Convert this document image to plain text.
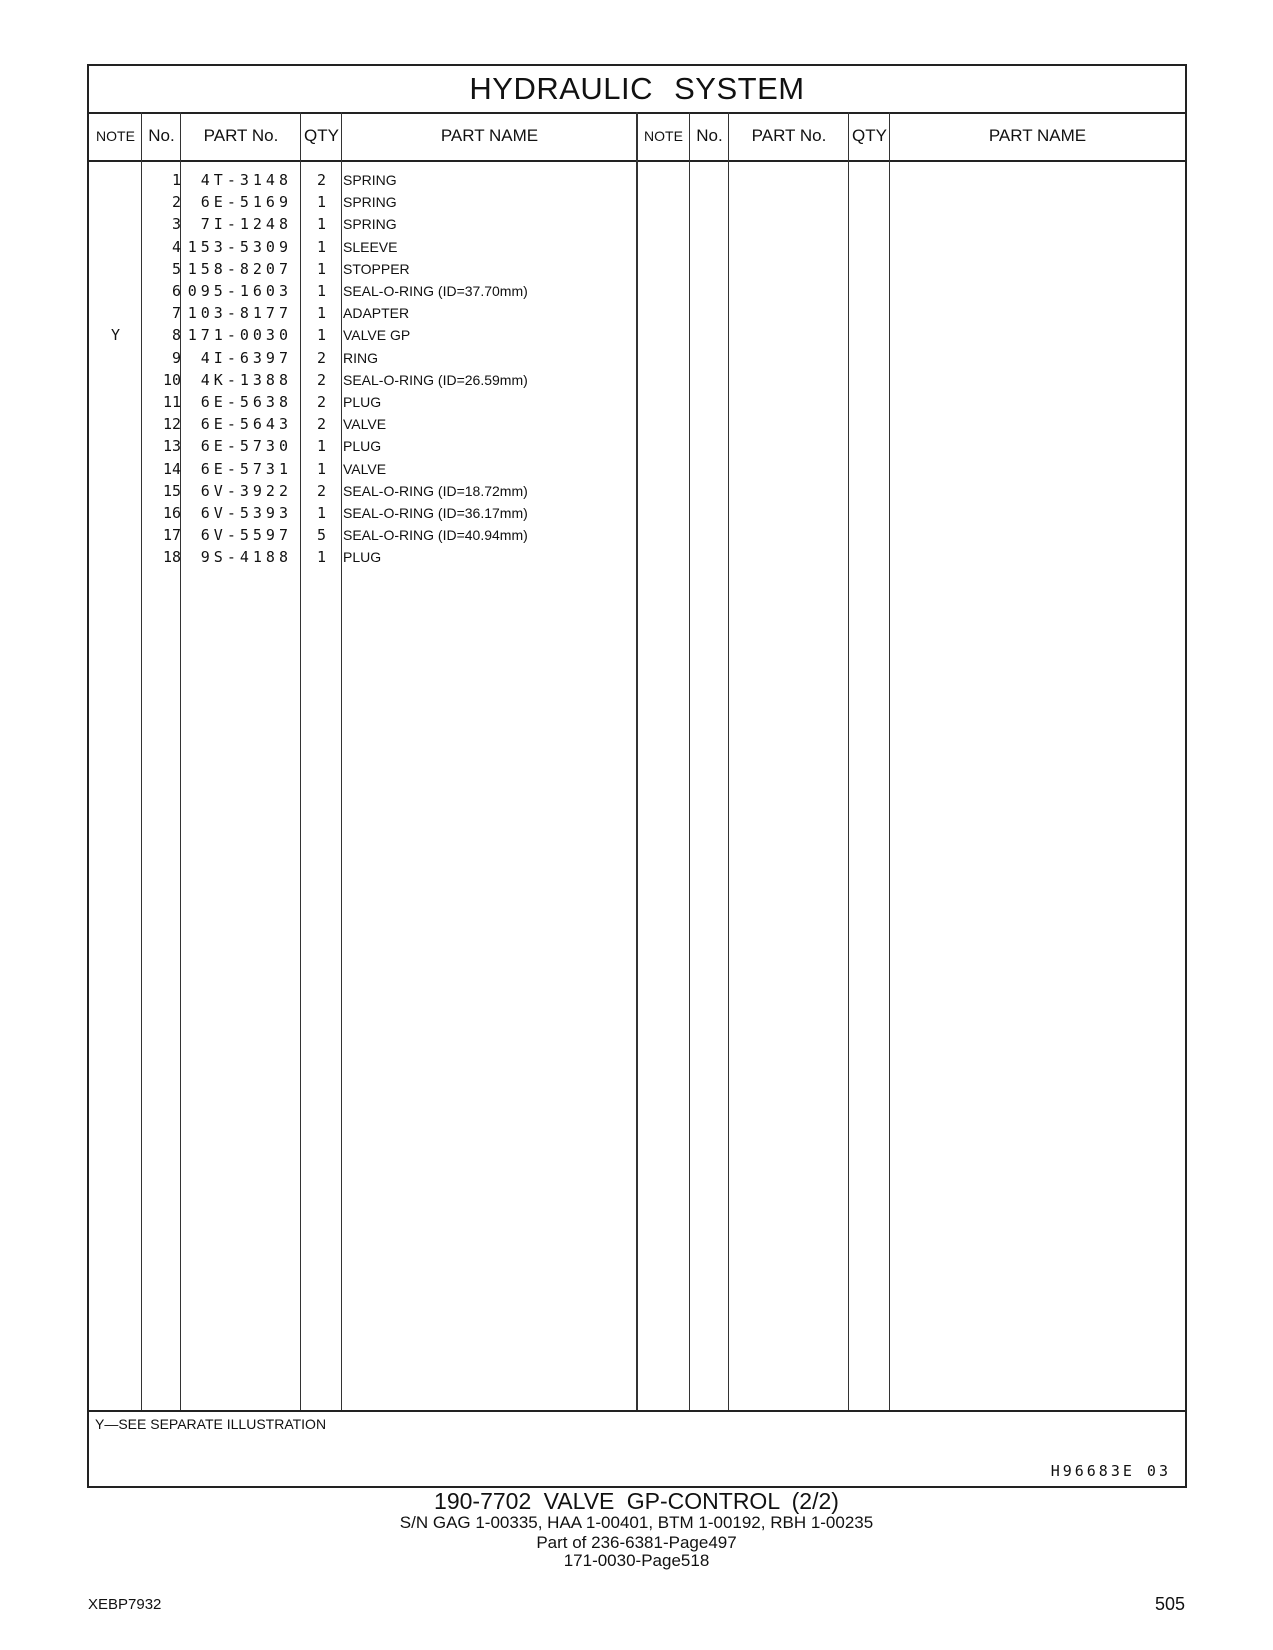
HYDRAULIC SYSTEM
NOTE No.	PART No.	QTY	PART NAME	NOTE No.	PART No.	QTY	PART NAME
1	4T-3148	2 SPRING
2	6E-5169	1 SPRING
3	7I-1248	1 SPRING
4 153-5309	1 SLEEVE
5 158-8207	1 STOPPER
6 095-1603	1 SEAL-O-RING (ID=37.70mm)
7 103-8177	1 ADAPTER
Y	8 171-0030	1 VALVE GP
9	4I-6397	2 RING
10	4K-1388	2 SEAL-O-RING (ID=26.59mm)
11	6E-5638	2 PLUG
12	6E-5643	2 VALVE
13	6E-5730	1 PLUG
14	6E-5731	1 VALVE
15	6V-3922	2 SEAL-O-RING (ID=18.72mm)
16	6V-5393	1 SEAL-O-RING (ID=36.17mm)
17	6V-5597	5 SEAL-O-RING (ID=40.94mm)
18	9S-4188	1 PLUG
Y—SEE SEPARATE ILLUSTRATION
H96683E 03
190-7702 VALVE GP-CONTROL (2/2)
S/N GAG 1-00335, HAA 1-00401, BTM 1-00192, RBH 1-00235
Part of 236-6381-Page497
171-0030-Page518
XEBP7932	505
